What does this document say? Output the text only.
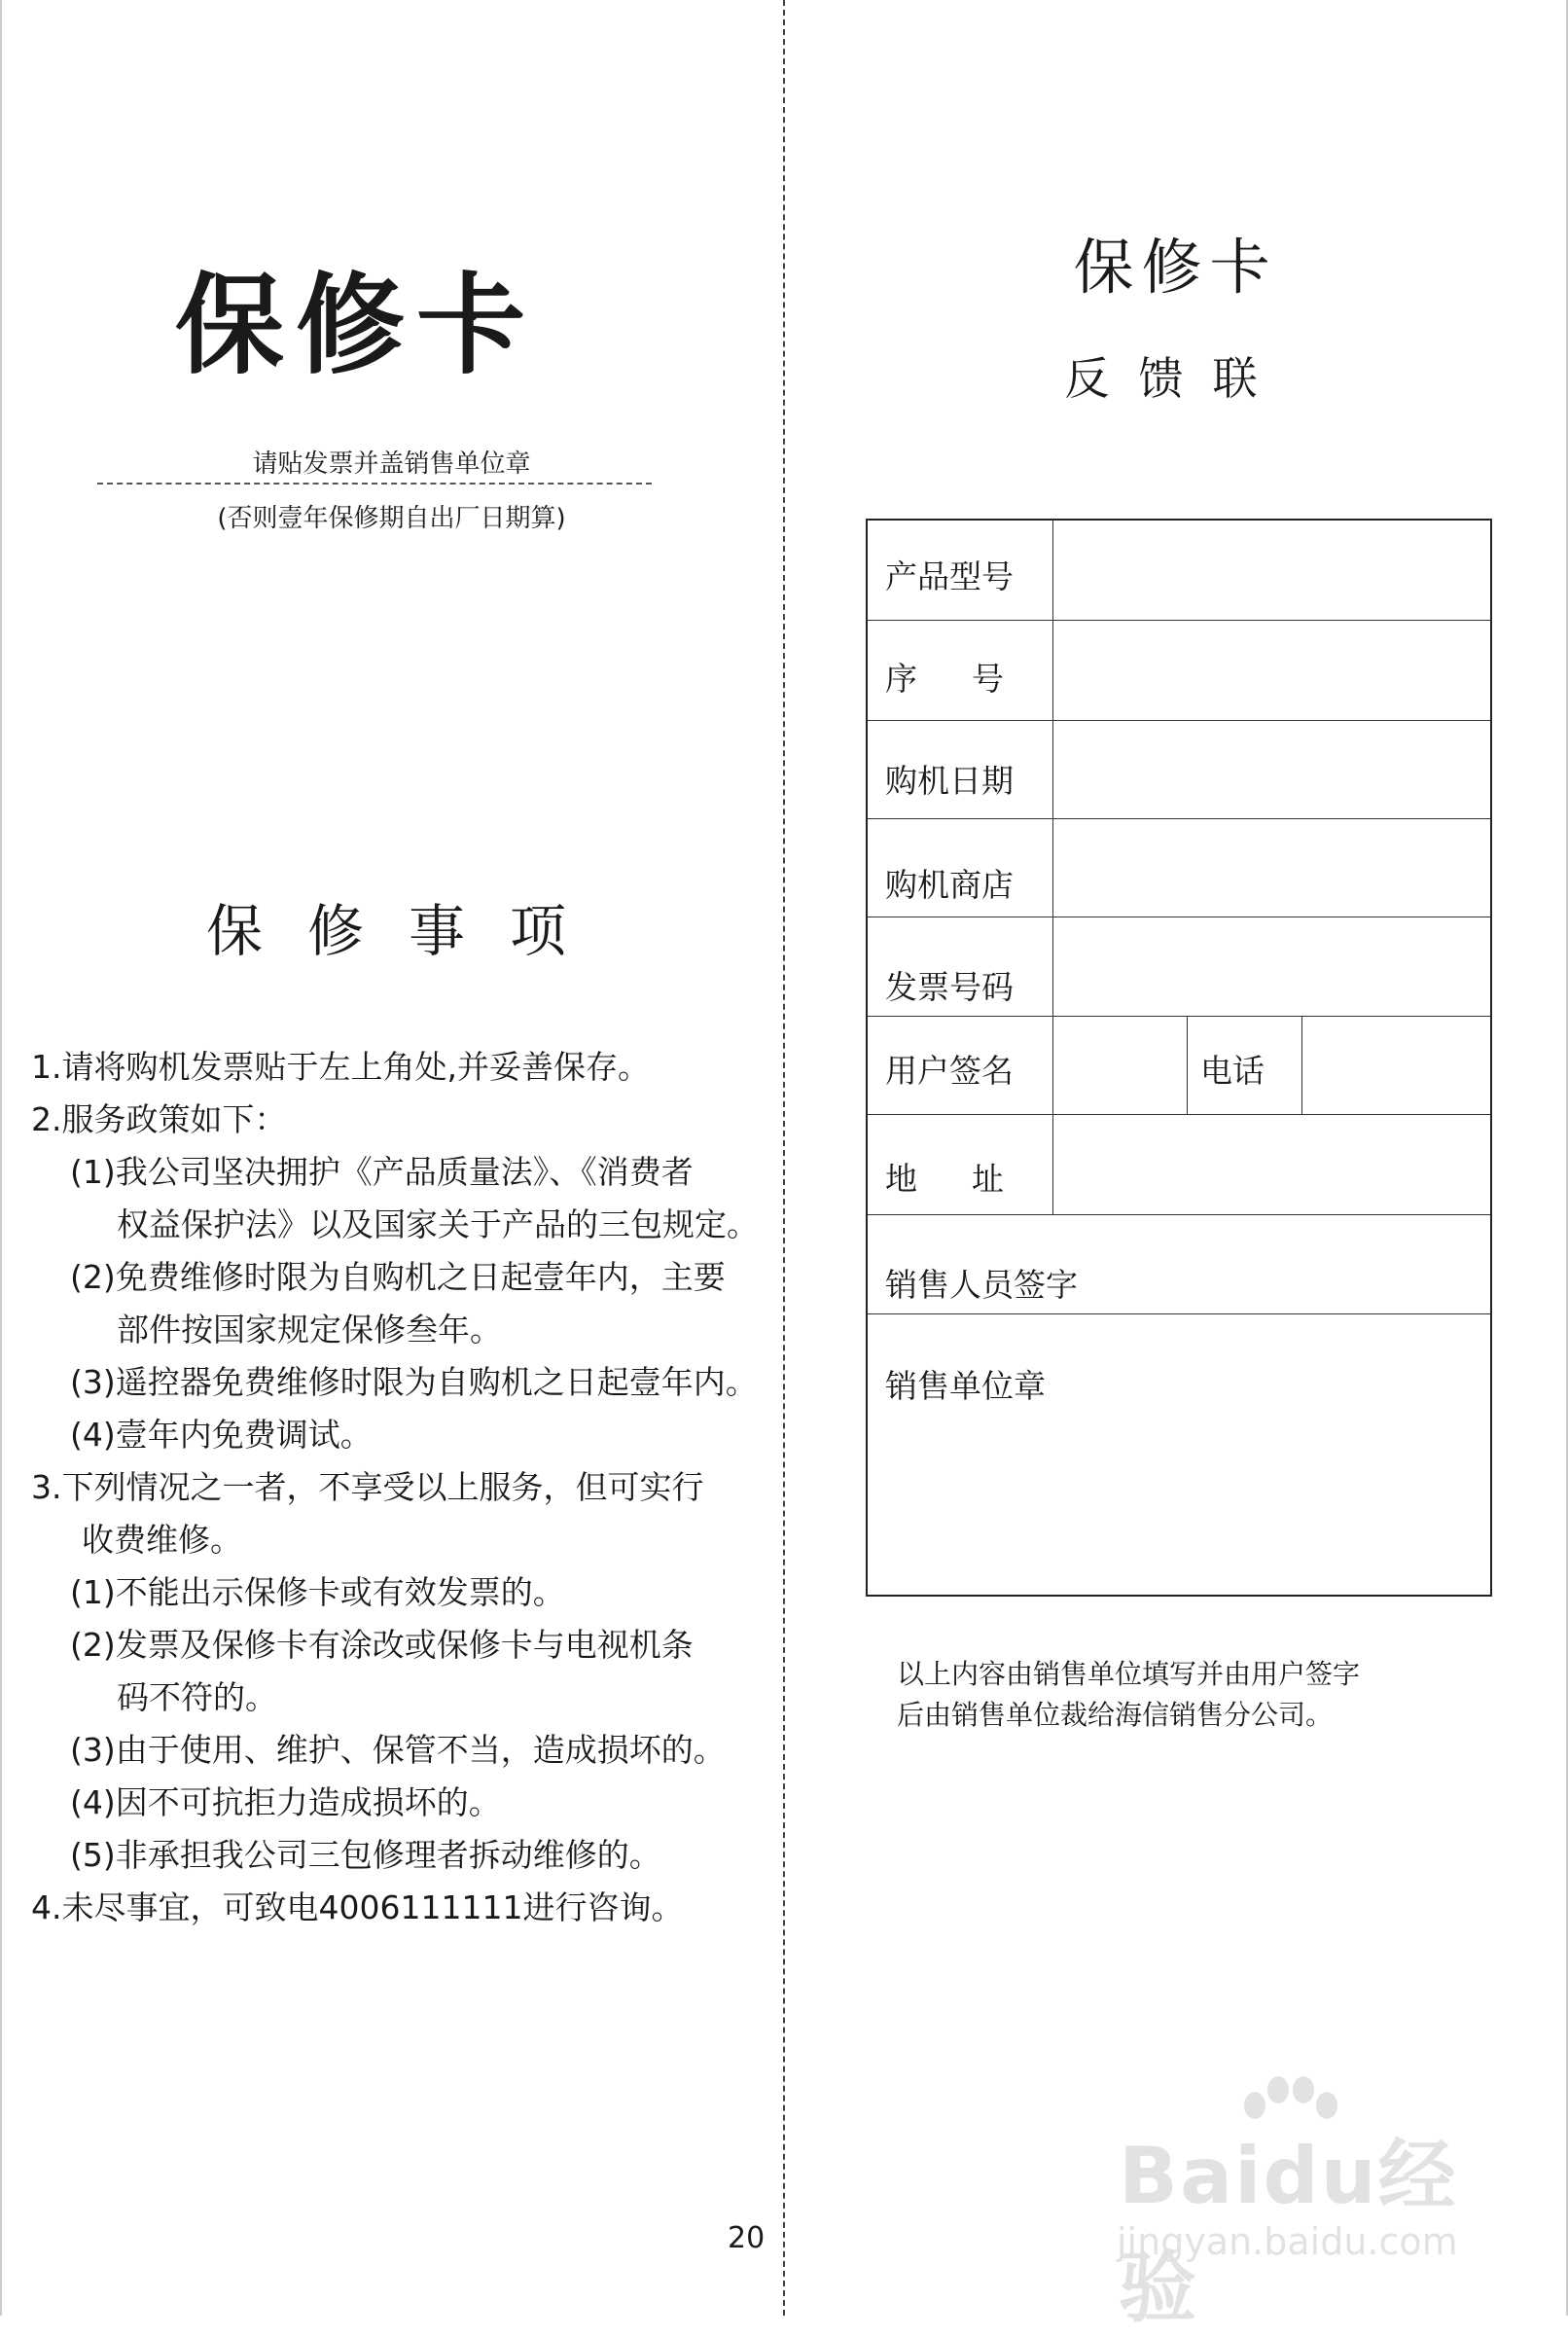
保修卡
请贴发票并盖销售单位章
(否则壹年保修期自出厂日期算)
保修事项
1.请将购机发票贴于左上角处,并妥善保存。
2.服务政策如下：
(1)我公司坚决拥护《产品质量法》、《消费者
权益保护法》以及国家关于产品的三包规定。
(2)免费维修时限为自购机之日起壹年内，主要
部件按国家规定保修叁年。
(3)遥控器免费维修时限为自购机之日起壹年内。
(4)壹年内免费调试。
3.下列情况之一者，不享受以上服务，但可实行
收费维修。
(1)不能出示保修卡或有效发票的。
(2)发票及保修卡有涂改或保修卡与电视机条
码不符的。
(3)由于使用、维护、保管不当，造成损坏的。
(4)因不可抗拒力造成损坏的。
(5)非承担我公司三包修理者拆动维修的。
4.未尽事宜，可致电4006111111进行咨询。
20
保修卡
反馈联
产品型号
序号
购机日期
购机商店
发票号码
用户签名	电话
地址
销售人员签字
销售单位章
以上内容由销售单位填写并由用户签字
后由销售单位裁给海信销售分公司。
Baidu经验
jingyan.baidu.com
